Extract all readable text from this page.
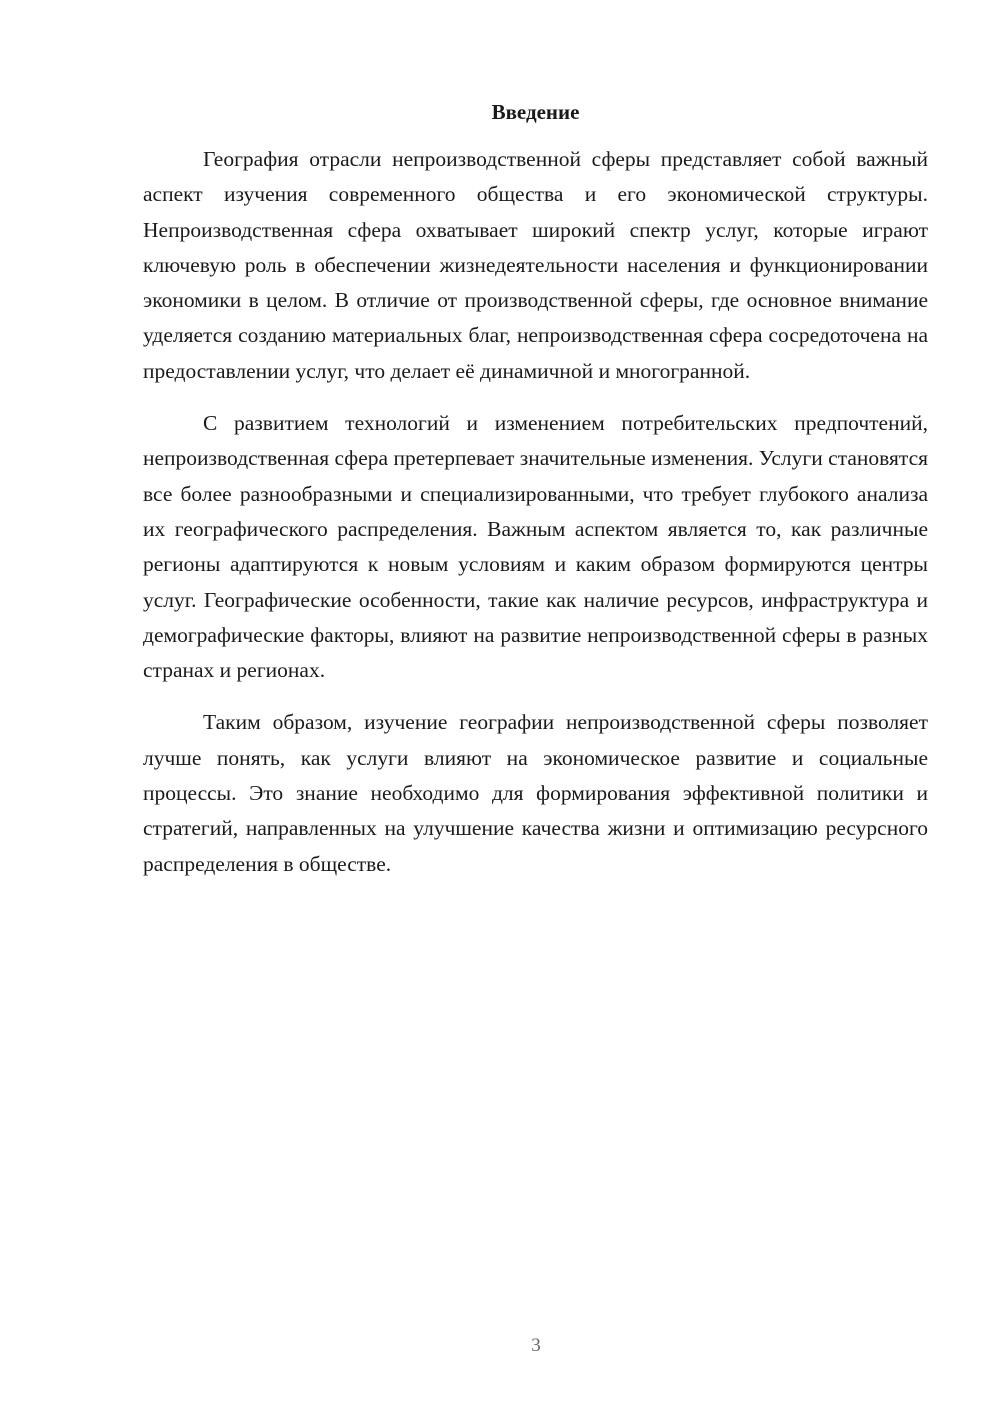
Введение

География отрасли непроизводственной сферы представляет собой важный аспект изучения современного общества и его экономической структуры. Непроизводственная сфера охватывает широкий спектр услуг, которые играют ключевую роль в обеспечении жизнедеятельности населения и функционировании экономики в целом. В отличие от производственной сферы, где основное внимание уделяется созданию материальных благ, непроизводственная сфера сосредоточена на предоставлении услуг, что делает её динамичной и многогранной.

С развитием технологий и изменением потребительских предпочтений, непроизводственная сфера претерпевает значительные изменения. Услуги становятся все более разнообразными и специализированными, что требует глубокого анализа их географического распределения. Важным аспектом является то, как различные регионы адаптируются к новым условиям и каким образом формируются центры услуг. Географические особенности, такие как наличие ресурсов, инфраструктура и демографические факторы, влияют на развитие непроизводственной сферы в разных странах и регионах.

Таким образом, изучение географии непроизводственной сферы позволяет лучше понять, как услуги влияют на экономическое развитие и социальные процессы. Это знание необходимо для формирования эффективной политики и стратегий, направленных на улучшение качества жизни и оптимизацию ресурсного распределения в обществе.

3
